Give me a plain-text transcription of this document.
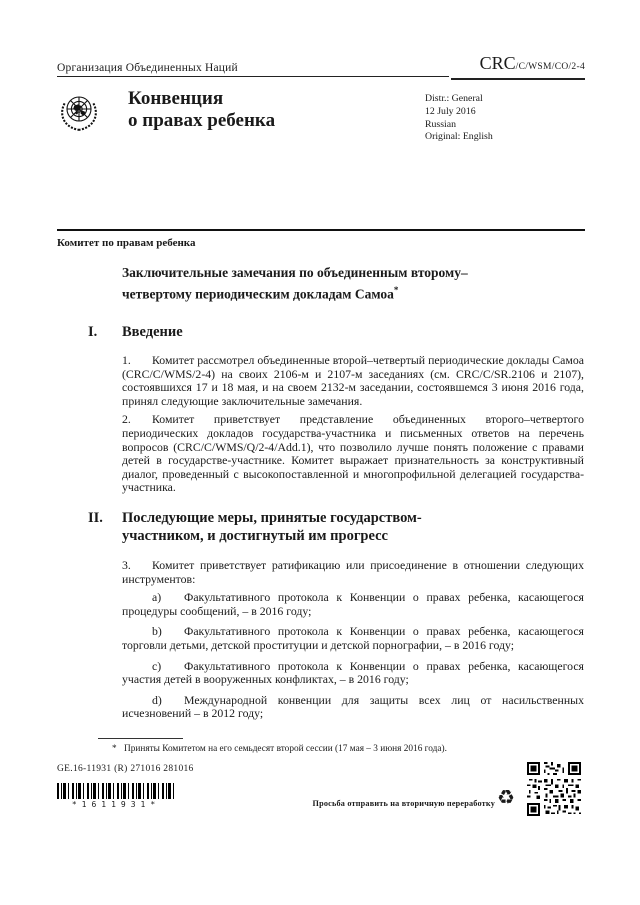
Организация Объединенных Наций	CRC/C/WSM/CO/2-4
Конвенция
о правах ребенка
Distr.: General
12 July 2016
Russian
Original: English
Комитет по правам ребенка
Заключительные замечания по объединенным второму–четвертому периодическим докладам Самоа*
I. Введение

1. Комитет рассмотрел объединенные второй–четвертый периодические доклады Самоа (CRC/C/WMS/2-4) на своих 2106-м и 2107-м заседаниях (см. CRC/C/SR.2106 и 2107), состоявшихся 17 и 18 мая, и на своем 2132-м заседании, состоявшемся 3 июня 2016 года, принял следующие заключительные замечания.

2. Комитет приветствует представление объединенных второго–четвертого периодических докладов государства-участника и письменных ответов на перечень вопросов (CRC/C/WMS/Q/2-4/Add.1), что позволило лучше понять положение с правами детей в государстве-участнике. Комитет выражает признательность за конструктивный диалог, проведенный с высокопоставленной и многопрофильной делегацией государства-участника.

II. Последующие меры, принятые государством-участником, и достигнутый им прогресс

3. Комитет приветствует ратификацию или присоединение в отношении следующих инструментов:

a) Факультативного протокола к Конвенции о правах ребенка, касающегося процедуры сообщений, – в 2016 году;

b) Факультативного протокола к Конвенции о правах ребенка, касающегося торговли детьми, детской проституции и детской порнографии, – в 2016 году;

c) Факультативного протокола к Конвенции о правах ребенка, касающегося участия детей в вооруженных конфликтах, – в 2016 году;

d) Международной конвенции для защиты всех лиц от насильственных исчезновений – в 2012 году;

* Приняты Комитетом на его семьдесят второй сессии (17 мая – 3 июня 2016 года).
GE.16-11931 (R) 271016 281016
*1611931*	Просьба отправить на вторичную переработку ♻
